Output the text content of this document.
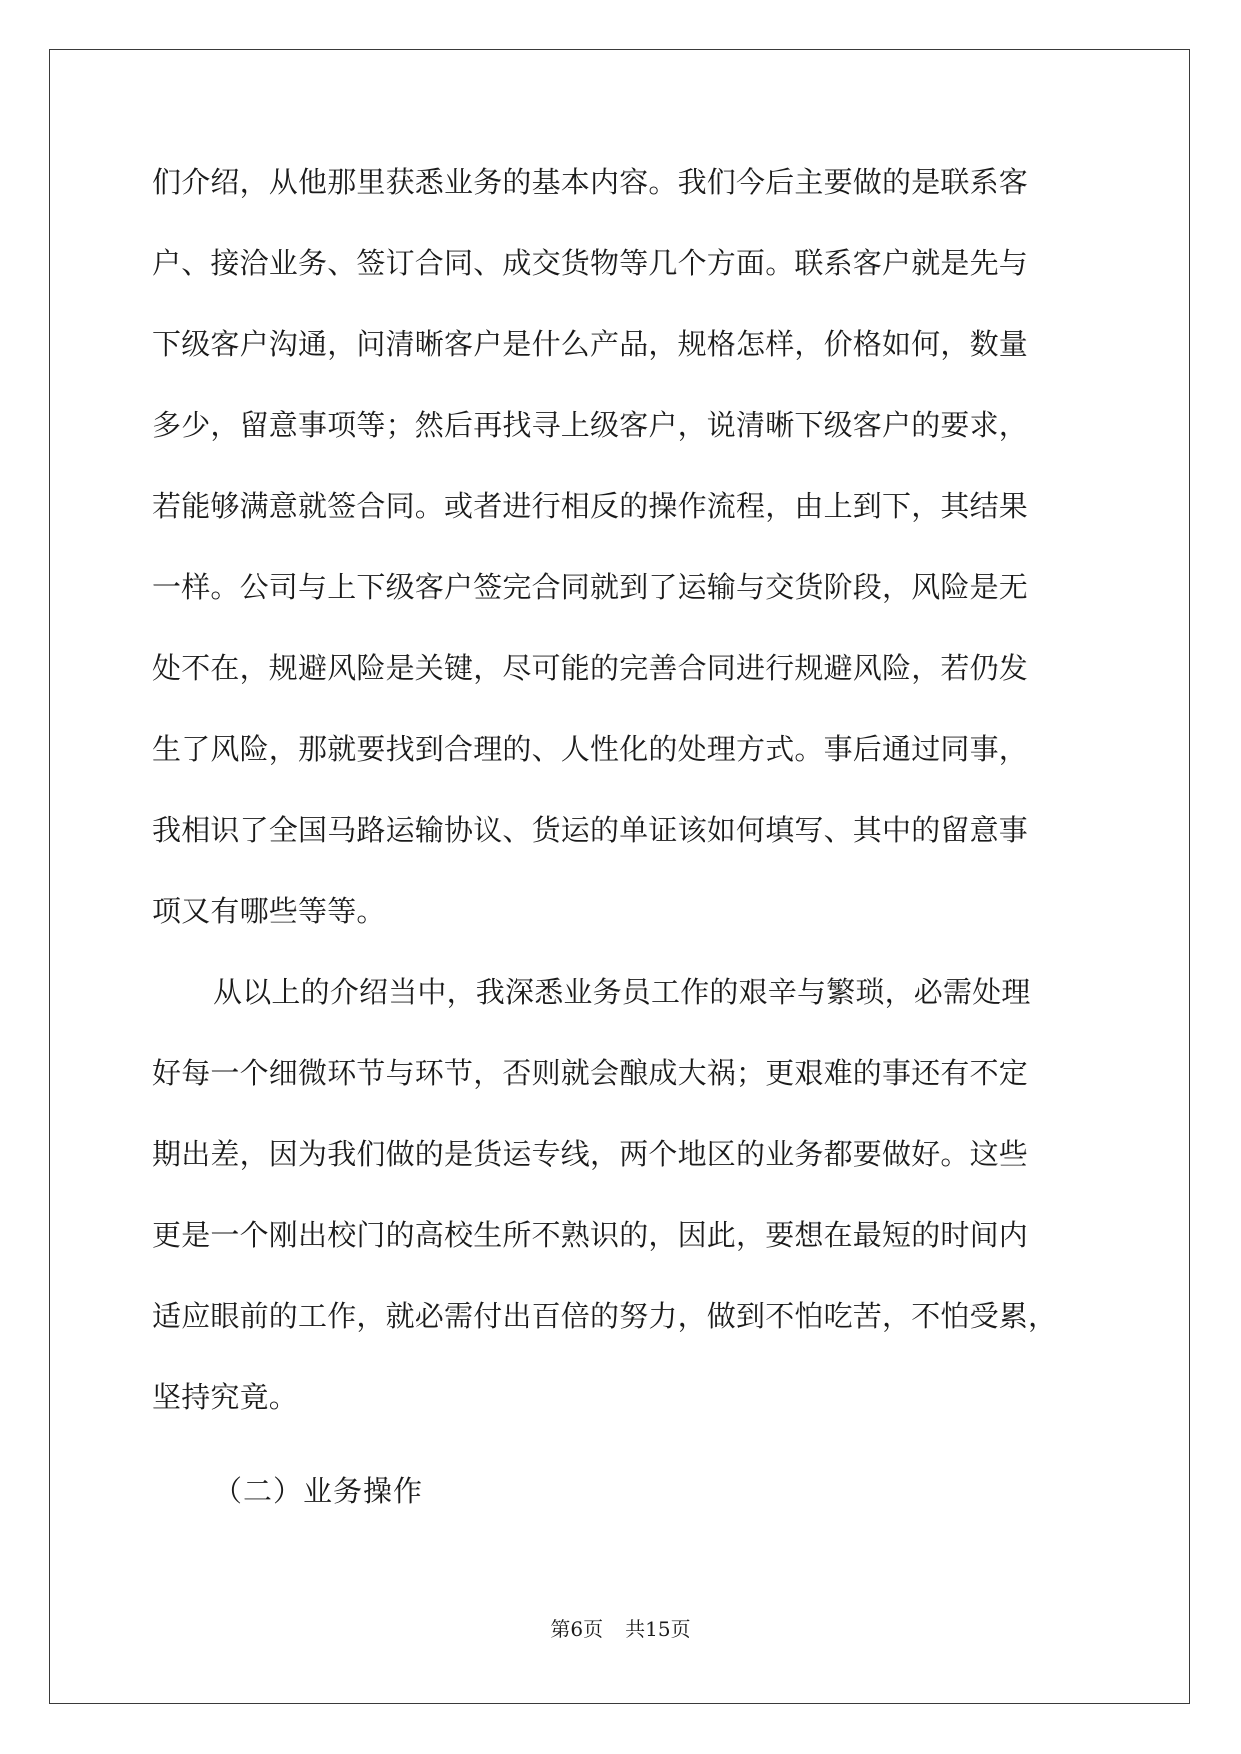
们介绍，从他那里获悉业务的基本内容。我们今后主要做的是联系客
户、接洽业务、签订合同、成交货物等几个方面。联系客户就是先与
下级客户沟通，问清晰客户是什么产品，规格怎样，价格如何，数量
多少，留意事项等；然后再找寻上级客户，说清晰下级客户的要求，
若能够满意就签合同。或者进行相反的操作流程，由上到下，其结果
一样。公司与上下级客户签完合同就到了运输与交货阶段，风险是无
处不在，规避风险是关键，尽可能的完善合同进行规避风险，若仍发
生了风险，那就要找到合理的、人性化的处理方式。事后通过同事，
我相识了全国马路运输协议、货运的单证该如何填写、其中的留意事
项又有哪些等等。
从以上的介绍当中，我深悉业务员工作的艰辛与繁琐，必需处理
好每一个细微环节与环节，否则就会酿成大祸；更艰难的事还有不定
期出差，因为我们做的是货运专线，两个地区的业务都要做好。这些
更是一个刚出校门的高校生所不熟识的，因此，要想在最短的时间内
适应眼前的工作，就必需付出百倍的努力，做到不怕吃苦，不怕受累，
坚持究竟。
（二）业务操作
第6页 共15页
